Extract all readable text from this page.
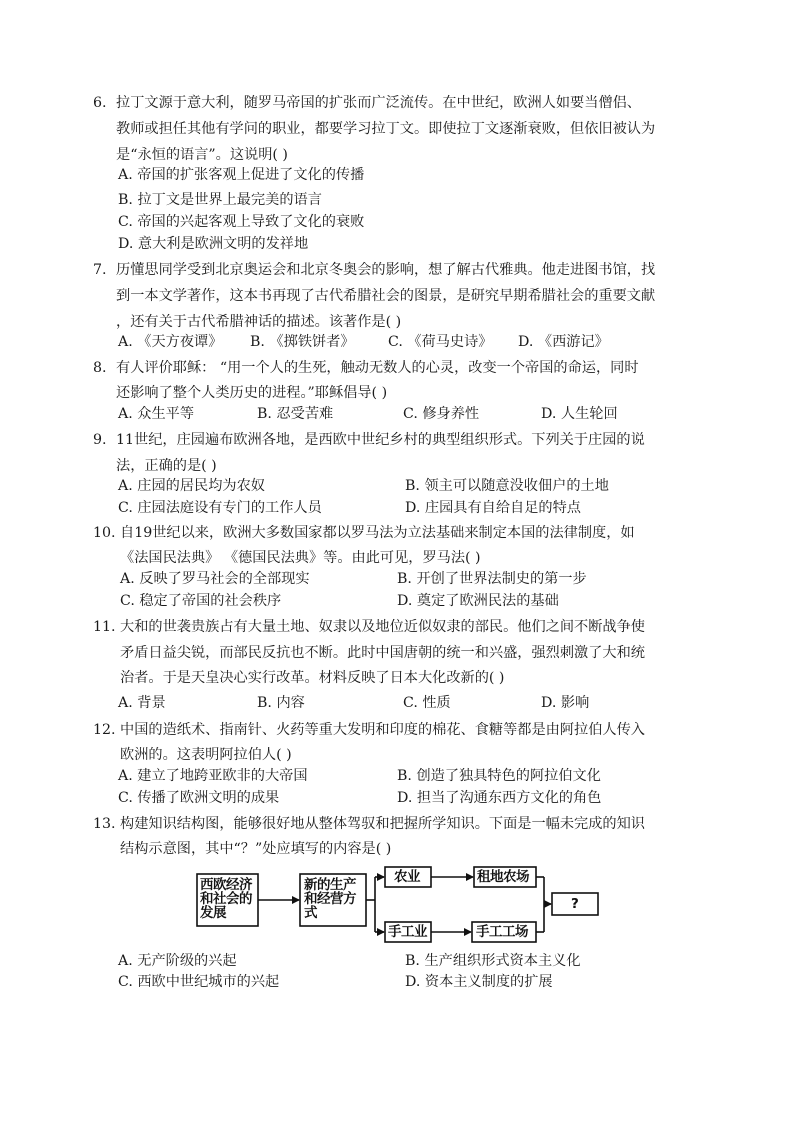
6. 拉丁文源于意大利，随罗马帝国的扩张而广泛流传。在中世纪，欧洲人如要当僧侣、
教师或担任其他有学问的职业，都要学习拉丁文。即使拉丁文逐渐衰败，但依旧被认为
是“永恒的语言”。这说明( )
A. 帝国的扩张客观上促进了文化的传播
B. 拉丁文是世界上最完美的语言
C. 帝国的兴起客观上导致了文化的衰败
D. 意大利是欧洲文明的发祥地
7. 历懂思同学受到北京奥运会和北京冬奥会的影响，想了解古代雅典。他走进图书馆，找
到一本文学著作，这本书再现了古代希腊社会的图景，是研究早期希腊社会的重要文献
，还有关于古代希腊神话的描述。该著作是( )
A. 《天方夜谭》 B. 《掷铁饼者》 C. 《荷马史诗》 D. 《西游记》
8. 有人评价耶稣： “用一个人的生死，触动无数人的心灵，改变一个帝国的命运，同时
还影响了整个人类历史的进程。”耶稣倡导( )
A. 众生平等	B. 忍受苦难	C. 修身养性	D. 人生轮回
9. 11世纪，庄园遍布欧洲各地，是西欧中世纪乡村的典型组织形式。下列关于庄园的说
法，正确的是( )
A. 庄园的居民均为农奴	B. 领主可以随意没收佃户的土地
C. 庄园法庭设有专门的工作人员	D. 庄园具有自给自足的特点
10. 自19世纪以来，欧洲大多数国家都以罗马法为立法基础来制定本国的法律制度，如
《法国民法典》 《德国民法典》等。由此可见，罗马法( )
A. 反映了罗马社会的全部现实	B. 开创了世界法制史的第一步
C. 稳定了帝国的社会秩序	D. 奠定了欧洲民法的基础
11. 大和的世袭贵族占有大量土地、奴隶以及地位近似奴隶的部民。他们之间不断战争使
矛盾日益尖锐，而部民反抗也不断。此时中国唐朝的统一和兴盛，强烈刺激了大和统
治者。于是天皇决心实行改革。材料反映了日本大化改新的( )
A. 背景	B. 内容	C. 性质	D. 影响
12. 中国的造纸术、指南针、火药等重大发明和印度的棉花、食糖等都是由阿拉伯人传入
欧洲的。这表明阿拉伯人( )
A. 建立了地跨亚欧非的大帝国	B. 创造了独具特色的阿拉伯文化
C. 传播了欧洲文明的成果	D. 担当了沟通东西方文化的角色
13. 构建知识结构图，能够很好地从整体驾驭和把握所学知识。下面是一幅未完成的知识
结构示意图，其中“？”处应填写的内容是( )
A. 无产阶级的兴起	B. 生产组织形式资本主义化
C. 西欧中世纪城市的兴起	D. 资本主义制度的扩展
西欧经济
和社会的
发展
新的生产
和经营方
式
农业	租地农场
手工业	手工工场
?
